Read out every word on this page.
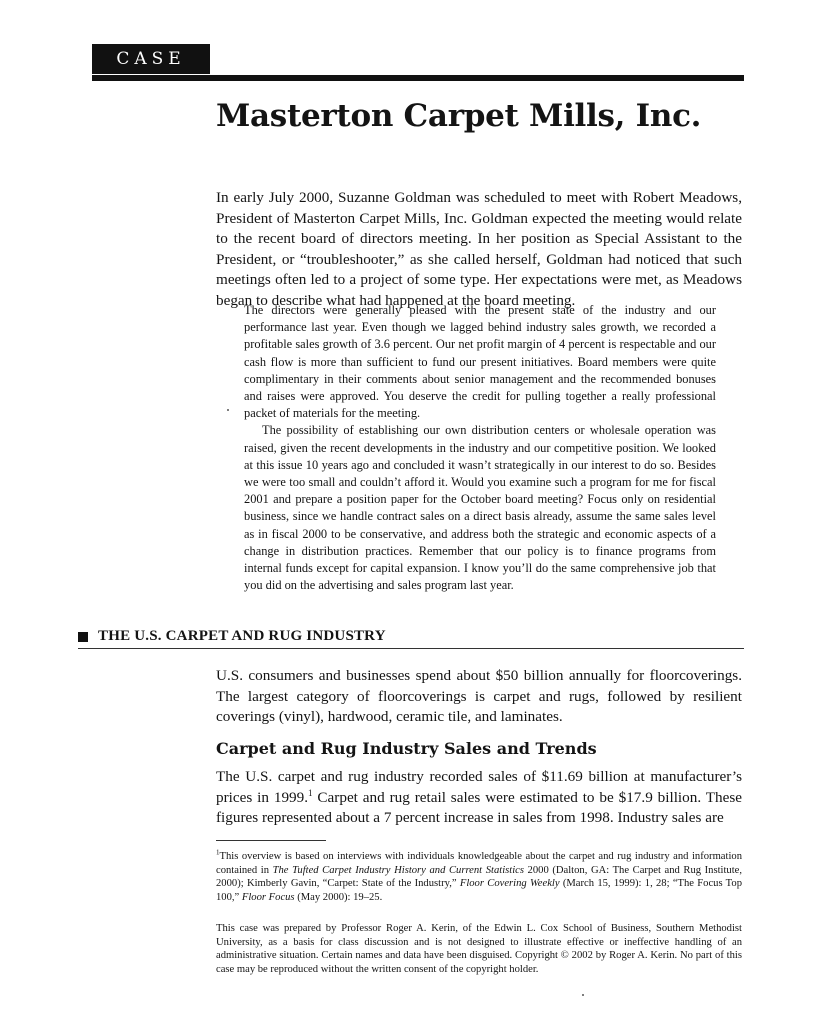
CASE
Masterton Carpet Mills, Inc.

In early July 2000, Suzanne Goldman was scheduled to meet with Robert Meadows, President of Masterton Carpet Mills, Inc. Goldman expected the meeting would relate to the recent board of directors meeting. In her position as Special Assistant to the President, or “troubleshooter,” as she called herself, Goldman had noticed that such meetings often led to a project of some type. Her expectations were met, as Meadows began to describe what had happened at the board meeting.

The directors were generally pleased with the present state of the industry and our performance last year. Even though we lagged behind industry sales growth, we recorded a profitable sales growth of 3.6 percent. Our net profit margin of 4 percent is respectable and our cash flow is more than sufficient to fund our present initiatives. Board members were quite complimentary in their comments about senior management and the recommended bonuses and raises were approved. You deserve the credit for pulling together a really professional packet of materials for the meeting.

The possibility of establishing our own distribution centers or wholesale operation was raised, given the recent developments in the industry and our competitive position. We looked at this issue 10 years ago and concluded it wasn’t strategically in our interest to do so. Besides we were too small and couldn’t afford it. Would you examine such a program for me for fiscal 2001 and prepare a position paper for the October board meeting? Focus only on residential business, since we handle contract sales on a direct basis already, assume the same sales level as in fiscal 2000 to be conservative, and address both the strategic and economic aspects of a change in distribution practices. Remember that our policy is to finance programs from internal funds except for capital expansion. I know you’ll do the same comprehensive job that you did on the advertising and sales program last year.

THE U.S. CARPET AND RUG INDUSTRY

U.S. consumers and businesses spend about $50 billion annually for floorcoverings. The largest category of floorcoverings is carpet and rugs, followed by resilient coverings (vinyl), hardwood, ceramic tile, and laminates.

Carpet and Rug Industry Sales and Trends

The U.S. carpet and rug industry recorded sales of $11.69 billion at manufacturer’s prices in 1999.$^1$ Carpet and rug retail sales were estimated to be $17.9 billion. These figures represented about a 7 percent increase in sales from 1998. Industry sales are

$^1$This overview is based on interviews with individuals knowledgeable about the carpet and rug industry and information contained in The Tufted Carpet Industry History and Current Statistics 2000 (Dalton, GA: The Carpet and Rug Institute, 2000); Kimberly Gavin, “Carpet: State of the Industry,” Floor Covering Weekly (March 15, 1999): 1, 28; “The Focus Top 100,” Floor Focus (May 2000): 19–25.

This case was prepared by Professor Roger A. Kerin, of the Edwin L. Cox School of Business, Southern Methodist University, as a basis for class discussion and is not designed to illustrate effective or ineffective handling of an administrative situation. Certain names and data have been disguised. Copyright © 2002 by Roger A. Kerin. No part of this case may be reproduced without the written consent of the copyright holder.
